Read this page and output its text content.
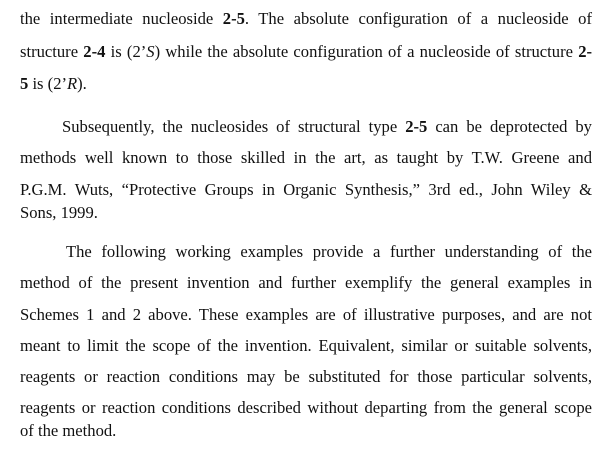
the intermediate nucleoside 2-5. The absolute configuration of a nucleoside of
structure 2-4 is (2’S) while the absolute configuration of a nucleoside of structure 2-
5 is (2’R).
Subsequently, the nucleosides of structural type 2-5 can be deprotected by
methods well known to those skilled in the art, as taught by T.W. Greene and
P.G.M. Wuts, “Protective Groups in Organic Synthesis,” 3rd ed., John Wiley &
Sons, 1999.
The following working examples provide a further understanding of the
method of the present invention and further exemplify the general examples in
Schemes 1 and 2 above. These examples are of illustrative purposes, and are not
meant to limit the scope of the invention. Equivalent, similar or suitable solvents,
reagents or reaction conditions may be substituted for those particular solvents,
reagents or reaction conditions described without departing from the general scope
of the method.
